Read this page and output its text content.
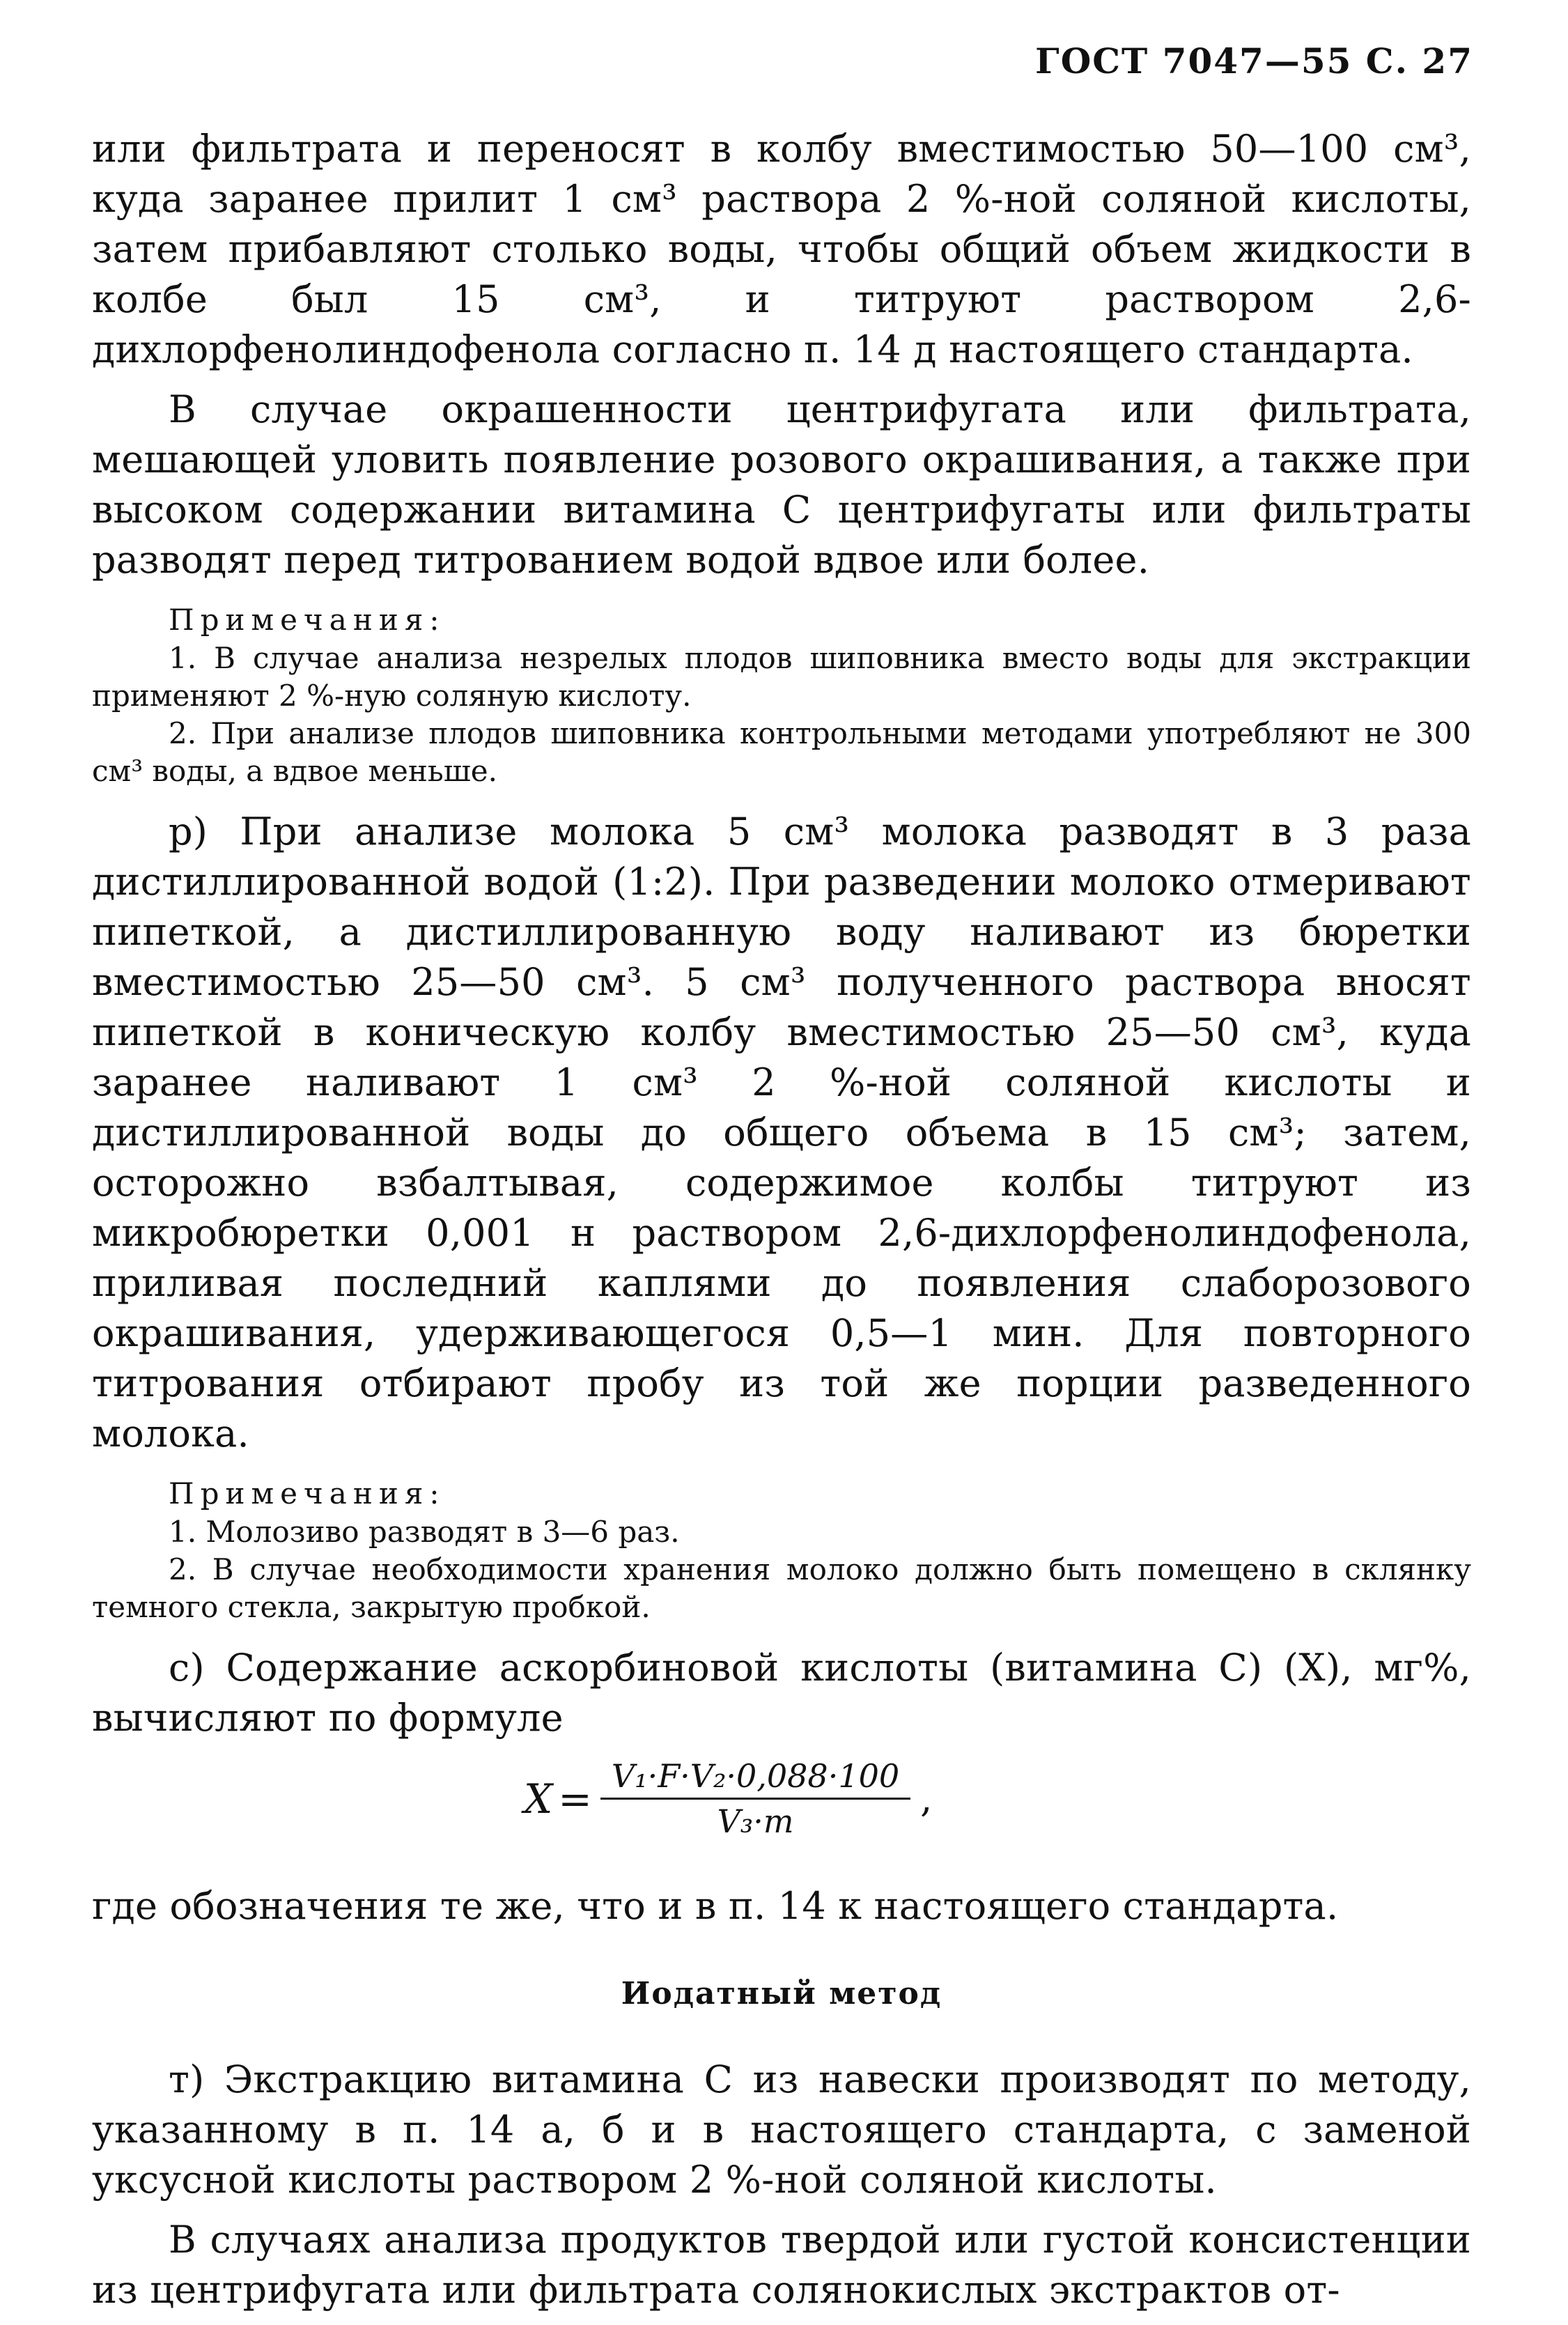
ГОСТ 7047—55 С. 27

или фильтрата и переносят в колбу вместимостью 50—100 см³, куда заранее прилит 1 см³ раствора 2 %-ной соляной кислоты, затем прибавляют столько воды, чтобы общий объем жидкости в колбе был 15 см³, и титруют раствором 2,6-дихлорфенолиндофенола согласно п. 14 д настоящего стандарта.

В случае окрашенности центрифугата или фильтрата, мешающей уловить появление розового окрашивания, а также при высоком содержании витамина С центрифугаты или фильтраты разводят перед титрованием водой вдвое или более.

Примечания:

1. В случае анализа незрелых плодов шиповника вместо воды для экстракции применяют 2 %-ную соляную кислоту.

2. При анализе плодов шиповника контрольными методами употребляют не 300 см³ воды, а вдвое меньше.

р) При анализе молока 5 см³ молока разводят в 3 раза дистиллированной водой (1:2). При разведении молоко отмеривают пипеткой, а дистиллированную воду наливают из бюретки вместимостью 25—50 см³. 5 см³ полученного раствора вносят пипеткой в коническую колбу вместимостью 25—50 см³, куда заранее наливают 1 см³ 2 %-ной соляной кислоты и дистиллированной воды до общего объема в 15 см³; затем, осторожно взбалтывая, содержимое колбы титруют из микробюретки 0,001 н раствором 2,6-дихлорфенолиндофенола, приливая последний каплями до появления слаборозового окрашивания, удерживающегося 0,5—1 мин. Для повторного титрования отбирают пробу из той же порции разведенного молока.

Примечания:

1. Молозиво разводят в 3—6 раз.

2. В случае необходимости хранения молоко должно быть помещено в склянку темного стекла, закрытую пробкой.

с) Содержание аскорбиновой кислоты (витамина С) (X), мг%, вычисляют по формуле

$X = \frac{\text{V₁·F·V₂·0,088·100}}{\text{V₃·m}}$ ,

где обозначения те же, что и в п. 14 к настоящего стандарта.

Иодатный метод

т) Экстракцию витамина С из навески производят по методу, указанному в п. 14 а, б и в настоящего стандарта, с заменой уксусной кислоты раствором 2 %-ной соляной кислоты.

В случаях анализа продуктов твердой или густой консистенции из центрифугата или фильтрата солянокислых экстрактов от-
